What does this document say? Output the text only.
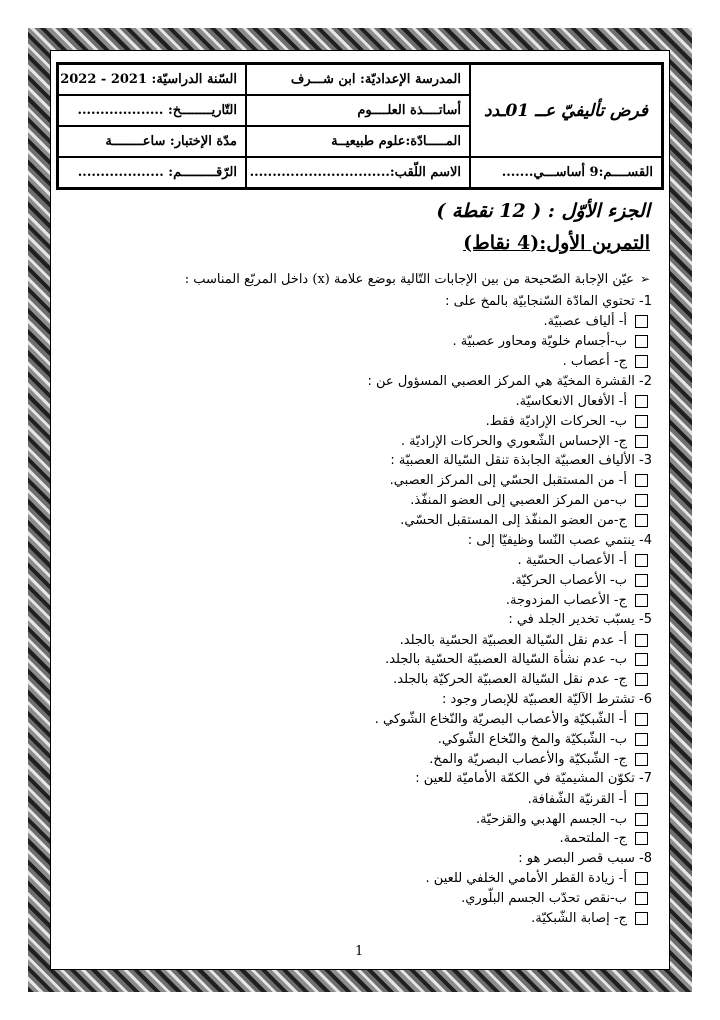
المدرسة الإعداديّة: ابن شـــرف
فرض تأليفيّ عــ 01ـدد
السّنة الدراسيّة: 2021 - 2022
أساتــــذة العلــــوم
التّاريــــــــخ: ...................
المـــــادّة:علوم طبيعيــة
مدّة الإختبار: ساعــــــــة
القســــم:9 أساســـي.......
الاسم اللّقب:...............................
الرّقـــــــــم: ...................
الجزء الأوّل : ( 12 نقطة )
التمرين الأول:(4 نقاط)
➢عيّن الإجابة الصّحيحة من بين الإجابات التّالية بوضع علامة (x) داخل المربّع المناسب :
1- تحتوي المادّة السّنجابيّة بالمخ على :
أ- ألياف عصبيّة.
ب-أجسام خلويّة ومحاور عصبيّة .
ج- أعصاب .
2- القشرة المخيّة هي المركز العصبي المسؤول عن :
أ- الأفعال الانعكاسيّة.
ب- الحركات الإراديّة فقط.
ج- الإحساس الشّعوري والحركات الإراديّة .
3- الألياف العصبيّة الجابذة تنقل السّيالة العصبيّة :
أ- من المستقبل الحسّي إلى المركز العصبي.
ب-من المركز العصبي إلى العضو المنفّذ.
ج-من العضو المنفّذ إلى المستقبل الحسّي.
4- ينتمي عصب النّسا وظيفيّا إلى :
أ- الأعصاب الحسّية .
ب- الأعصاب الحركيّة.
ج- الأعصاب المزدوجة.
5- يسبّب تخدير الجلد في :
أ- عدم نقل السّيالة العصبيّة الحسّية بالجلد.
ب- عدم نشأة السّيالة العصبيّة الحسّية بالجلد.
ج- عدم نقل السّيالة العصبيّة الحركيّة بالجلد.
6- تشترط الآليّة العصبيّة للإبصار وجود :
أ- الشّبكيّة والأعصاب البصريّة والنّخاع الشّوكي .
ب- الشّبكيّة والمخ والنّخاع الشّوكي.
ج- الشّبكيّة والأعصاب البصريّة والمخ.
7- تكوّن المشيميّة في الكمّة الأماميّة للعين :
أ- القرنيّة الشّفافة.
ب- الجسم الهدبي والقزحيّة.
ج- الملتحمة.
8- سبب قصر البصر هو :
أ- زيادة القطر الأمامي الخلفي للعين .
ب-نقص تحدّب الجسم البلّوري.
ج- إصابة الشّبكيّة.
1
